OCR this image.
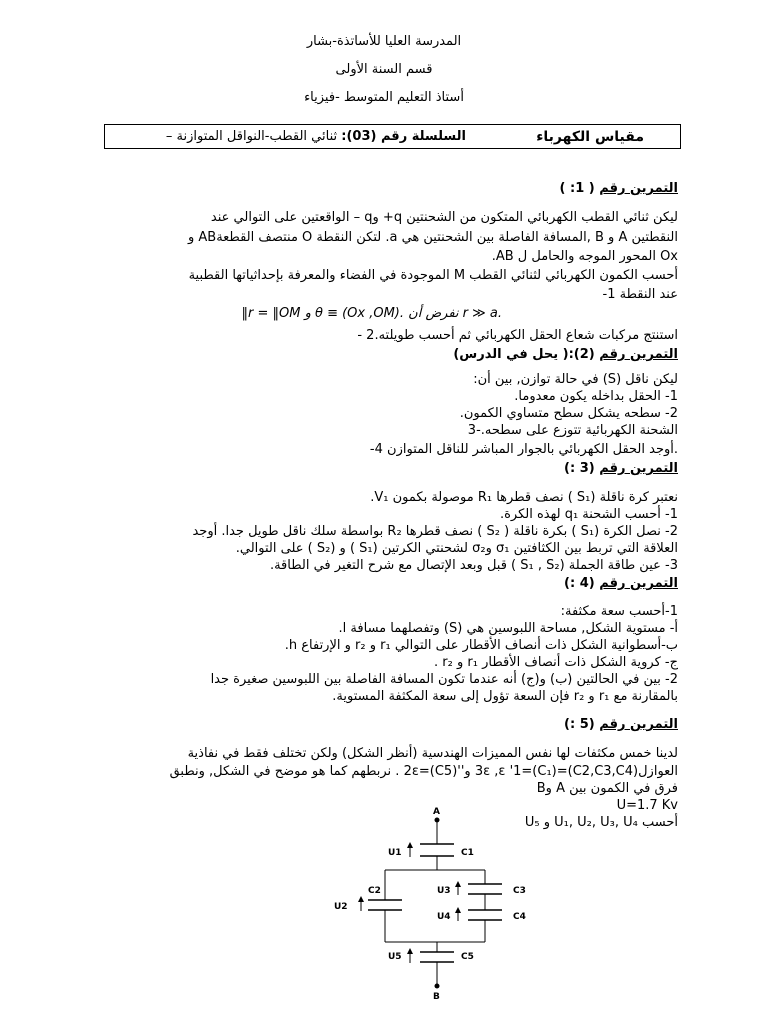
المدرسة العليا للأساتذة-بشار
قسم السنة الأولى
أستاذ التعليم المتوسط -فيزياء
مقياس الكهرباء
السلسلة رقم (03): ثنائي القطب-النواقل المتوازنة –
التمرين رقم ( 1: )
ليكن ثنائي القطب الكهربائي المتكون من الشحنتين q+ وq – الواقعتين على التوالي عند
النقطتين A و B ,المسافة الفاصلة بين الشحنتين هي a. لتكن النقطة O منتصف القطعةAB و
Ox المحور الموجه والحامل ل AB.
أحسب الكمون الكهربائي لثنائي القطب M الموجودة في الفضاء والمعرفة بإحداثياتها القطبية
عند النقطة 1-
.r ≫ a نفرض أن .θ ≡ (Ox ,OM) و r = ‖OM‖
استنتج مركبات شعاع الحقل الكهربائي ثم أحسب طويلته.2 -
التمرين رقم (2):( يحل في الدرس)
ليكن ناقل (S) في حالة توازن, بين أن:
1- الحقل بداخله يكون معدوما.
2- سطحه يشكل سطح متساوي الكمون.
الشحنة الكهربائية تتوزع على سطحه.-3
.أوجد الحقل الكهربائي بالجوار المباشر للناقل المتوازن 4-
التمرين رقم (3 :)
نعتبر كرة ناقلة (S₁ ) نصف قطرها R₁ موصولة بكمون V₁.
1- أحسب الشحنة q₁ لهذه الكرة.
2- نصل الكرة (S₁ ) بكرة ناقلة ( S₂ ) نصف قطرها R₂ بواسطة سلك ناقل طويل جدا. أوجد
العلاقة التي تربط بين الكثافتين σ₁ وσ₂ لشحنتي الكرتين (S₁ ) و (S₂ ) على التوالي.
3- عين طاقة الجملة (S₁ , S₂ ) قبل وبعد الإتصال مع شرح التغير في الطاقة.
التمرين رقم (4 :)
1-أحسب سعة مكثفة:
أ- مستوية الشكل, مساحة اللبوسين هي (S) وتفصلهما مسافة l.
ب-أسطوانية الشكل ذات أنصاف الأقطار على التوالي r₁ و r₂ و الإرتفاع h.
ج- كروية الشكل ذات أنصاف الأقطار r₁ و r₂ .
2- بين في الحالتين (ب) و(ج) أنه عندما تكون المسافة الفاصلة بين اللبوسين صغيرة جدا
بالمقارنة مع r₁ و r₂ فإن السعة تؤول إلى سعة المكثفة المستوية.
التمرين رقم (5 :)
لدينا خمس مكثفات لها نفس المميزات الهندسية (أنظر الشكل) ولكن تختلف فقط في نفاذية
العوازل(C2,C3,C4)=3ε ,ε '1=(C₁) و''(C5)=2ε . نربطهم كما هو موضح في الشكل, ونطبق
فرق في الكمون بين A وB
U=1.7 Kv
أحسب U₁, U₂, U₃, U₄ و U₅
A
B
U1	C1
C2
U2
U3	C3
U4	C4
U5	C5
